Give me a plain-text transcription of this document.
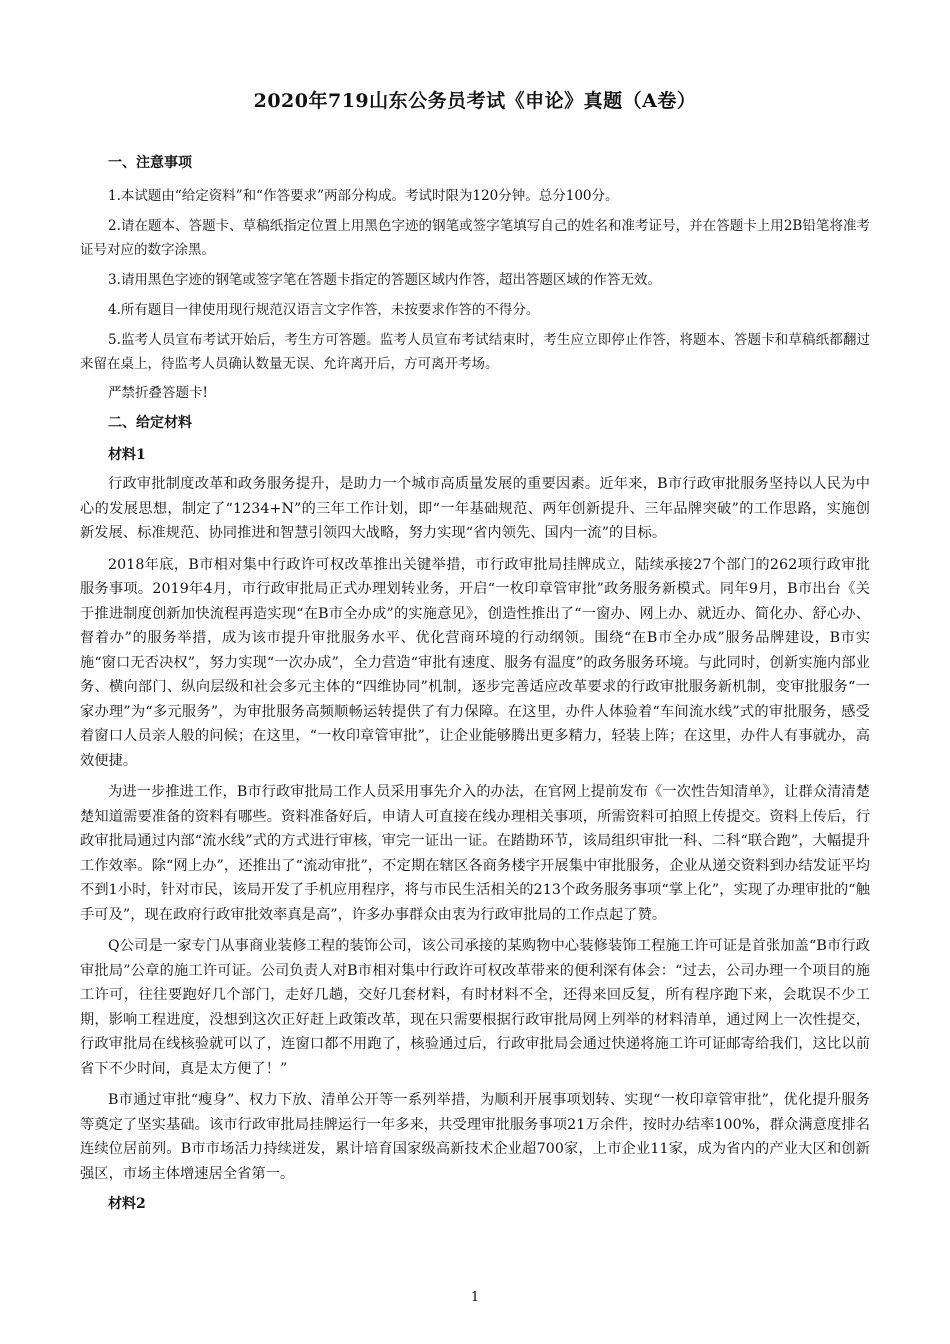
2020年719山东公务员考试《申论》真题（A卷）
一、注意事项

1.本试题由“给定资料”和“作答要求”两部分构成。考试时限为120分钟。总分100分。

2.请在题本、答题卡、草稿纸指定位置上用黑色字迹的钢笔或签字笔填写自己的姓名和准考证号，并在答题卡上用2B铅笔将准考证号对应的数字涂黑。

3.请用黑色字迹的钢笔或签字笔在答题卡指定的答题区域内作答，超出答题区域的作答无效。

4.所有题目一律使用现行规范汉语言文字作答，未按要求作答的不得分。

5.监考人员宣布考试开始后，考生方可答题。监考人员宣布考试结束时，考生应立即停止作答，将题本、答题卡和草稿纸都翻过来留在桌上，待监考人员确认数量无误、允许离开后，方可离开考场。

严禁折叠答题卡!

二、给定材料
材料1

行政审批制度改革和政务服务提升，是助力一个城市高质量发展的重要因素。近年来，B市行政审批服务坚持以人民为中心的发展思想，制定了“1234+N”的三年工作计划，即“一年基础规范、两年创新提升、三年品牌突破”的工作思路，实施创新发展、标准规范、协同推进和智慧引领四大战略，努力实现“省内领先、国内一流”的目标。

2018年底，B市相对集中行政许可权改革推出关键举措，市行政审批局挂牌成立，陆续承接27个部门的262项行政审批服务事项。2019年4月，市行政审批局正式办理划转业务，开启“一枚印章管审批”政务服务新模式。同年9月，B市出台《关于推进制度创新加快流程再造实现“在B市全办成”的实施意见》，创造性推出了“一窗办、网上办、就近办、简化办、舒心办、督着办”的服务举措，成为该市提升审批服务水平、优化营商环境的行动纲领。围绕“在B市全办成”服务品牌建设，B市实施“窗口无否决权”，努力实现“一次办成”，全力营造“审批有速度、服务有温度”的政务服务环境。与此同时，创新实施内部业务、横向部门、纵向层级和社会多元主体的“四维协同”机制，逐步完善适应改革要求的行政审批服务新机制，变审批服务“一家办理”为“多元服务”，为审批服务高频顺畅运转提供了有力保障。在这里，办件人体验着“车间流水线”式的审批服务，感受着窗口人员亲人般的问候；在这里，“一枚印章管审批”，让企业能够腾出更多精力，轻装上阵；在这里，办件人有事就办，高效便捷。

为进一步推进工作，B市行政审批局工作人员采用事先介入的办法，在官网上提前发布《一次性告知清单》，让群众清清楚楚知道需要准备的资料有哪些。资料准备好后，申请人可直接在线办理相关事项，所需资料可拍照上传提交。资料上传后，行政审批局通过内部“流水线”式的方式进行审核，审完一证出一证。在踏勘环节，该局组织审批一科、二科“联合跑”，大幅提升工作效率。除“网上办”，还推出了“流动审批”，不定期在辖区各商务楼宇开展集中审批服务，企业从递交资料到办结发证平均不到1小时，针对市民，该局开发了手机应用程序，将与市民生活相关的213个政务服务事项“掌上化”，实现了办理审批的“触手可及”，现在政府行政审批效率真是高”，许多办事群众由衷为行政审批局的工作点起了赞。

Q公司是一家专门从事商业装修工程的装饰公司，该公司承接的某购物中心装修装饰工程施工许可证是首张加盖“B市行政审批局”公章的施工许可证。公司负责人对B市相对集中行政许可权改革带来的便利深有体会：“过去，公司办理一个项目的施工许可，往往要跑好几个部门，走好几趟，交好几套材料，有时材料不全，还得来回反复，所有程序跑下来，会耽误不少工期，影响工程进度，没想到这次正好赶上政策改革，现在只需要根据行政审批局网上列举的材料清单，通过网上一次性提交，行政审批局在线核验就可以了，连窗口都不用跑了，核验通过后，行政审批局会通过快递将施工许可证邮寄给我们，这比以前省下不少时间，真是太方便了！”

B市通过审批“瘦身”、权力下放、清单公开等一系列举措，为顺利开展事项划转、实现“一枚印章管审批”，优化提升服务等奠定了坚实基础。该市行政审批局挂牌运行一年多来，共受理审批服务事项21万余件，按时办结率100%，群众满意度排名连续位居前列。B市市场活力持续迸发，累计培育国家级高新技术企业超700家，上市企业11家，成为省内的产业大区和创新强区，市场主体增速居全省第一。

材料2
1
